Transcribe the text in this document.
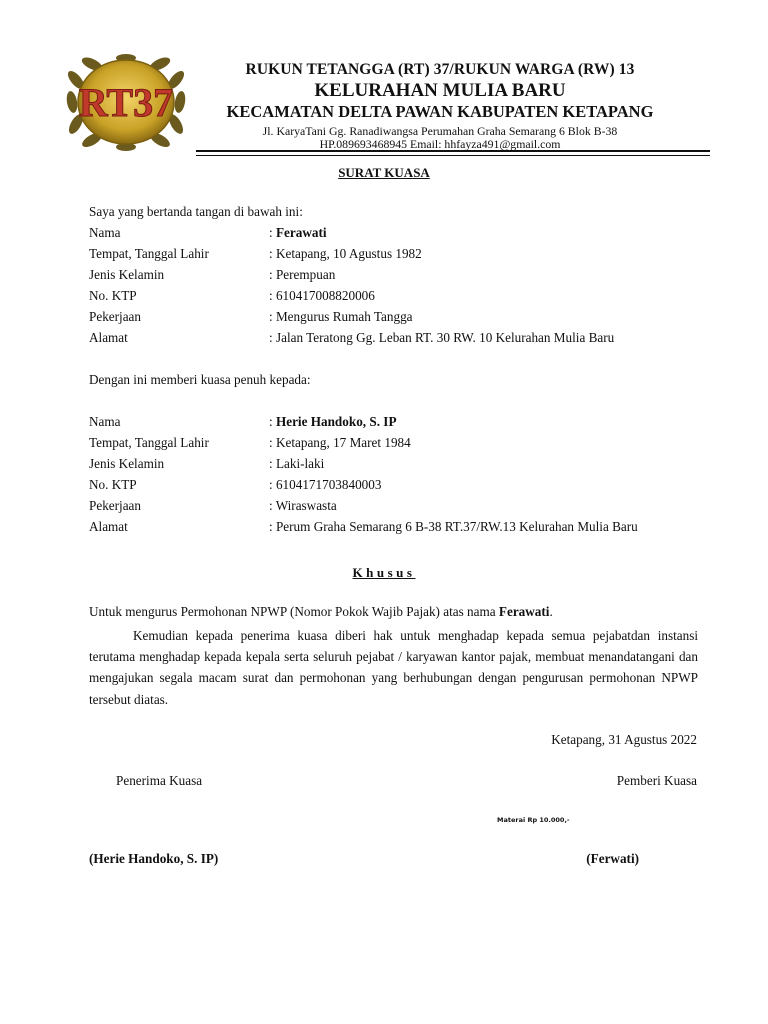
RT37
RUKUN TETANGGA (RT) 37/RUKUN WARGA (RW) 13
KELURAHAN MULIA BARU
KECAMATAN DELTA PAWAN KABUPATEN KETAPANG
Jl. KaryaTani Gg. Ranadiwangsa Perumahan Graha Semarang 6 Blok B-38
HP.089693468945 Email: hhfayza491@gmail.com
SURAT KUASA
Saya yang bertanda tangan di bawah ini:
Nama	: Ferawati
Tempat, Tanggal Lahir	: Ketapang, 10 Agustus 1982
Jenis Kelamin	: Perempuan
No. KTP	: 610417008820006
Pekerjaan	: Mengurus Rumah Tangga
Alamat	: Jalan Teratong Gg. Leban RT. 30 RW. 10 Kelurahan Mulia Baru
Dengan ini memberi kuasa penuh kepada:
Nama	: Herie Handoko, S. IP
Tempat, Tanggal Lahir	: Ketapang, 17 Maret 1984
Jenis Kelamin	: Laki-laki
No. KTP	: 6104171703840003
Pekerjaan	: Wiraswasta
Alamat	: Perum Graha Semarang 6 B-38 RT.37/RW.13 Kelurahan Mulia Baru
Khusus
Untuk mengurus Permohonan NPWP (Nomor Pokok Wajib Pajak) atas nama Ferawati.
Kemudian kepada penerima kuasa diberi hak untuk menghadap kepada semua pejabatdan instansi terutama menghadap kepada kepala serta seluruh pejabat / karyawan kantor pajak, membuat menandatangani dan mengajukan segala macam surat dan permohonan yang berhubungan dengan pengurusan permohonan NPWP tersebut diatas.
Ketapang, 31 Agustus 2022
Penerima Kuasa	Pemberi Kuasa
Materai Rp 10.000,-
(Herie Handoko, S. IP)	(Ferwati)
